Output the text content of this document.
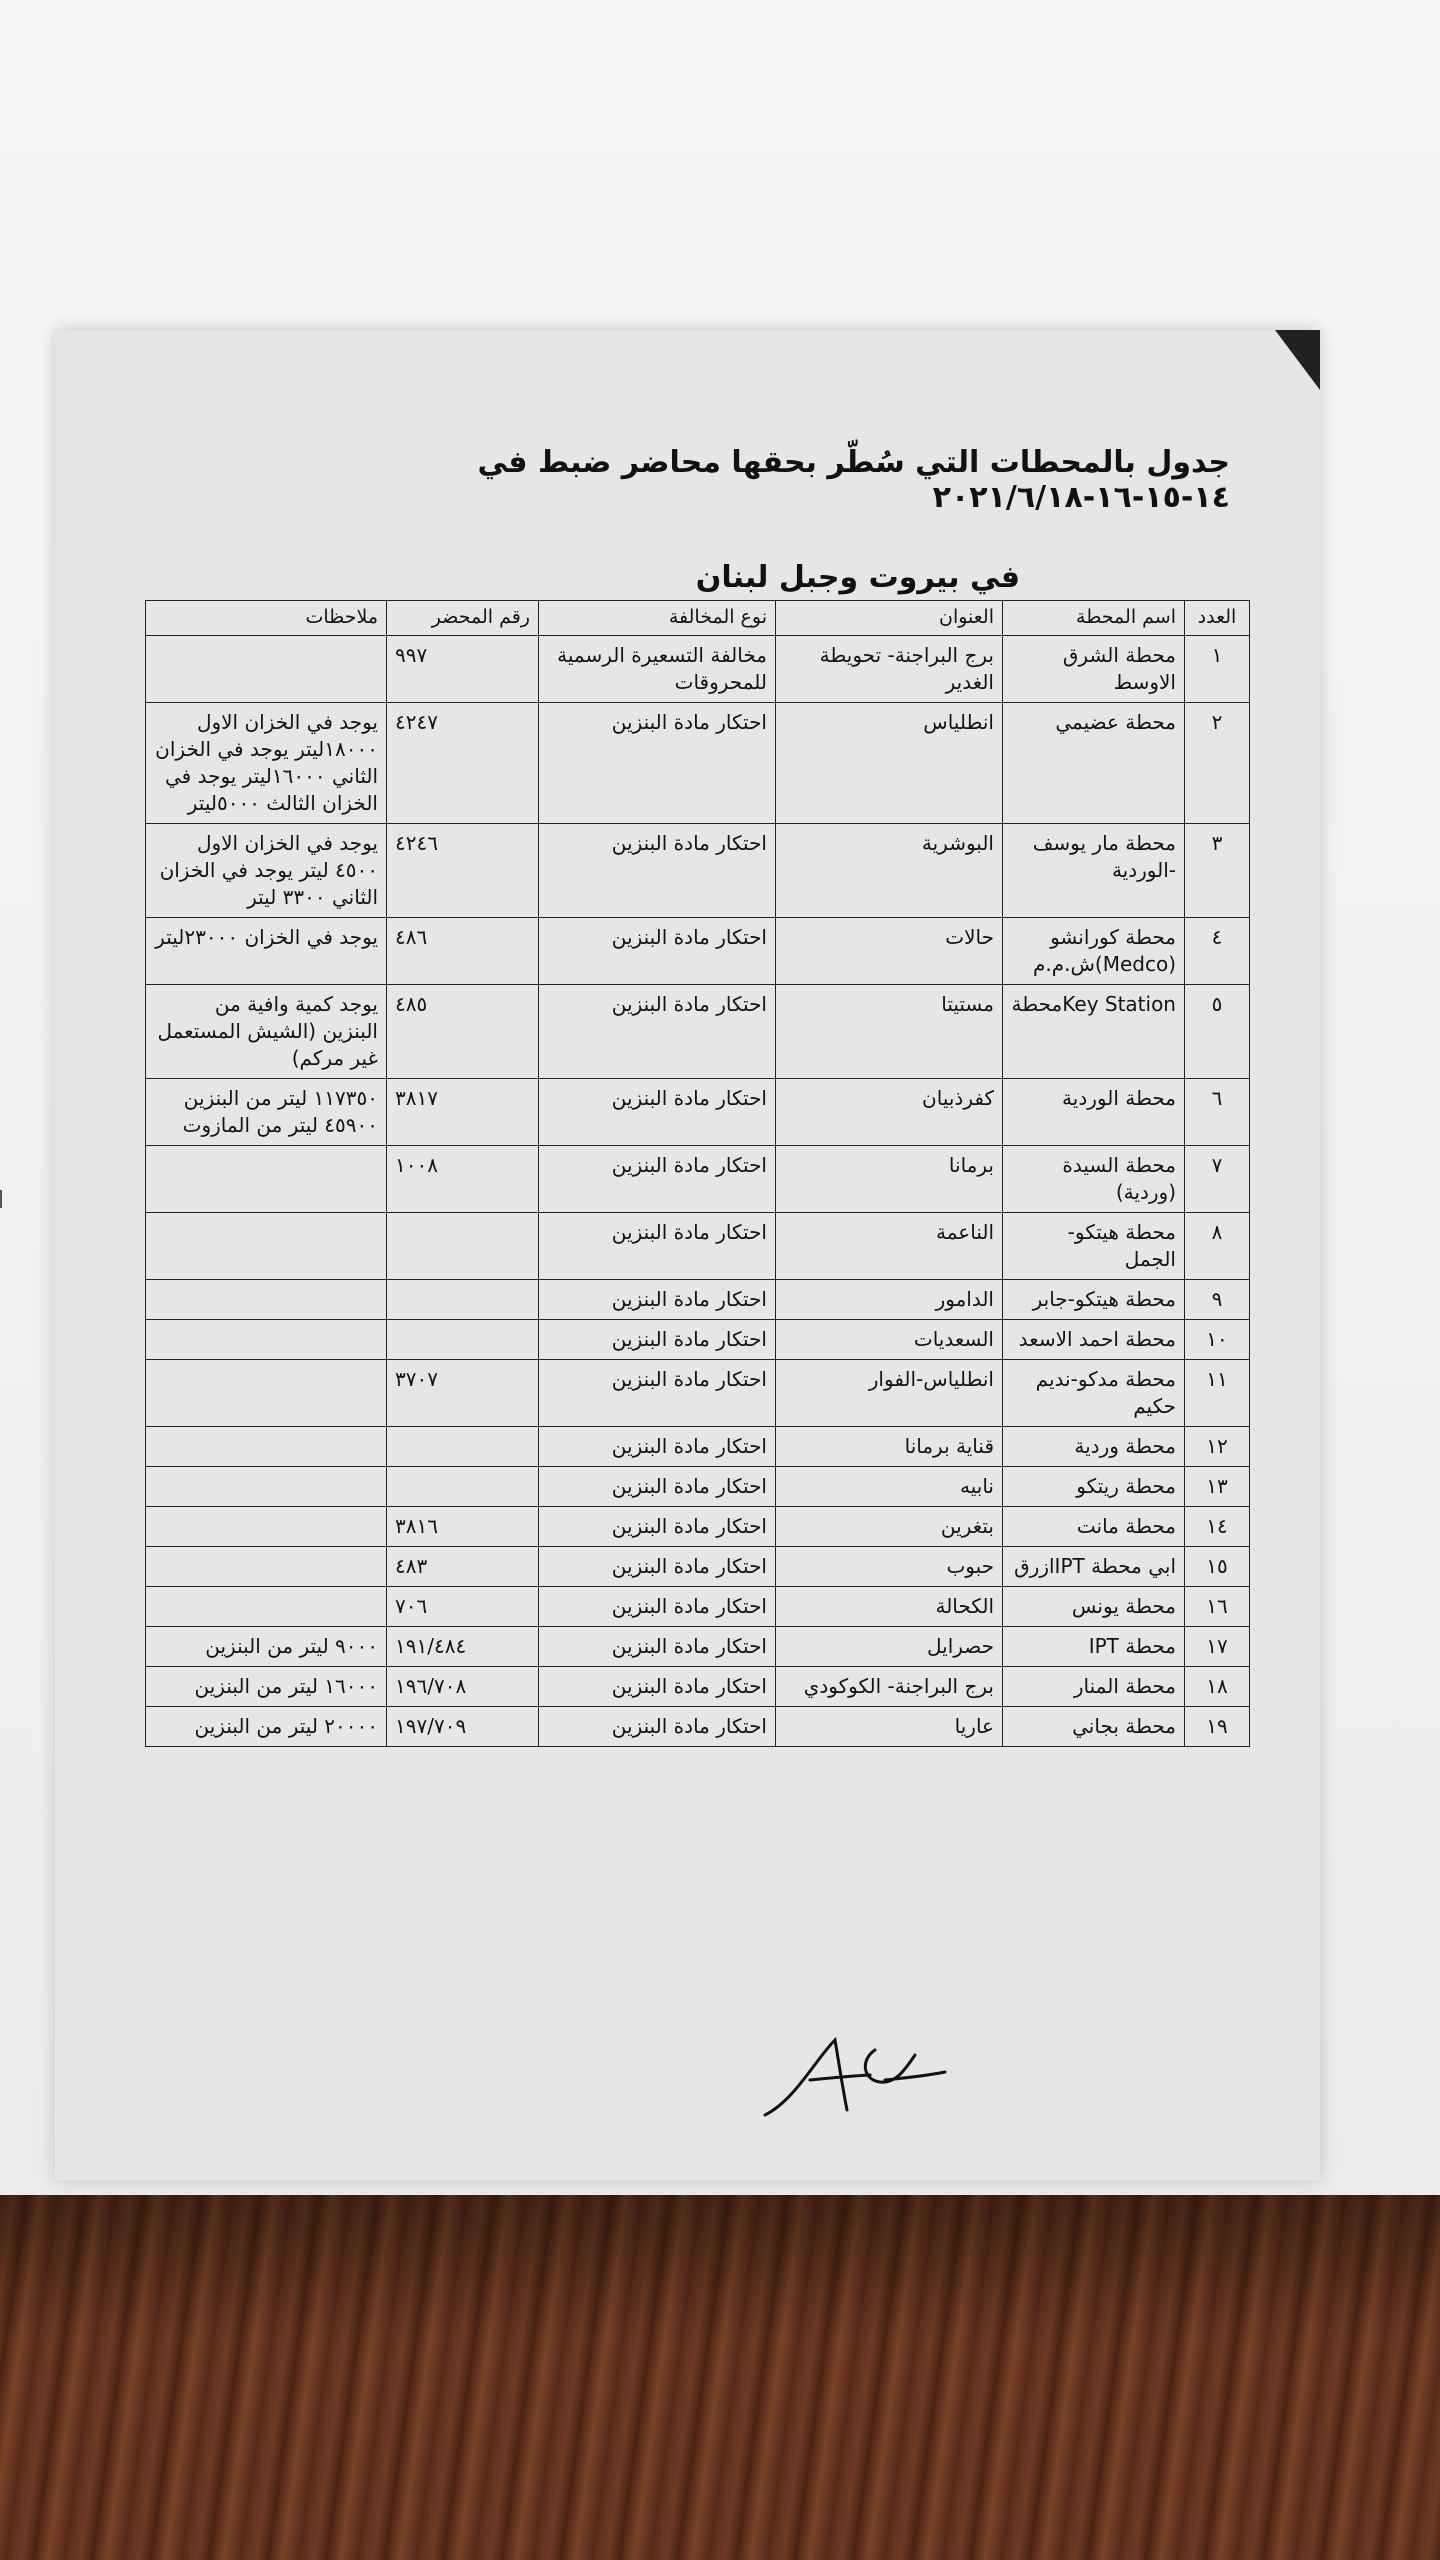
جدول بالمحطات التي سُطّر بحقها محاضر ضبط في ١٤-١٥-١٦-٢٠٢١/٦/١٨
في بيروت وجبل لبنان
العدد	اسم المحطة	العنوان	نوع المخالفة	رقم المحضر	ملاحظات
١	محطة الشرق الاوسط	برج البراجنة- تحويطة الغدير	مخالفة التسعيرة الرسمية للمحروقات	٩٩٧	
٢	محطة عضيمي	انطلياس	احتكار مادة البنزين	٤٢٤٧	يوجد في الخزان الاول ١٨٠٠٠ليتر يوجد في الخزان الثاني ١٦٠٠٠ليتر يوجد في الخزان الثالث ٥٠٠٠ليتر
٣	محطة مار يوسف -الوردية	البوشرية	احتكار مادة البنزين	٤٢٤٦	يوجد في الخزان الاول ٤٥٠٠ ليتر يوجد في الخزان الثاني ٣٣٠٠ ليتر
٤	محطة كورانشو (Medco)ش.م.م	حالات	احتكار مادة البنزين	٤٨٦	يوجد في الخزان ٢٣٠٠٠ليتر
٥	Key Stationمحطة	مستيتا	احتكار مادة البنزين	٤٨٥	يوجد كمية وافية من البنزين (الشيش المستعمل غير مركم)
٦	محطة الوردية	كفرذبيان	احتكار مادة البنزين	٣٨١٧	١١٧٣٥٠ ليتر من البنزين ٤٥٩٠٠ ليتر من المازوت
٧	محطة السيدة (وردية)	برمانا	احتكار مادة البنزين	١٠٠٨	
٨	محطة هيتكو- الجمل	الناعمة	احتكار مادة البنزين		
٩	محطة هيتكو-جابر	الدامور	احتكار مادة البنزين		
١٠	محطة احمد الاسعد	السعديات	احتكار مادة البنزين		
١١	محطة مدكو-نديم حكيم	انطلياس-الفوار	احتكار مادة البنزين	٣٧٠٧	
١٢	محطة وردية	قناية برمانا	احتكار مادة البنزين		
١٣	محطة ريتكو	نابيه	احتكار مادة البنزين		
١٤	محطة مانت	بتغرين	احتكار مادة البنزين	٣٨١٦	
١٥	ابي محطة IPTازرق	حبوب	احتكار مادة البنزين	٤٨٣	
١٦	محطة يونس	الكحالة	احتكار مادة البنزين	٧٠٦	
١٧	محطة IPT	حصرايل	احتكار مادة البنزين	١٩١/٤٨٤	٩٠٠٠ ليتر من البنزين
١٨	محطة المنار	برج البراجنة- الكوكودي	احتكار مادة البنزين	١٩٦/٧٠٨	١٦٠٠٠ ليتر من البنزين
١٩	محطة بجاني	عاريا	احتكار مادة البنزين	١٩٧/٧٠٩	٢٠٠٠٠ ليتر من البنزين
